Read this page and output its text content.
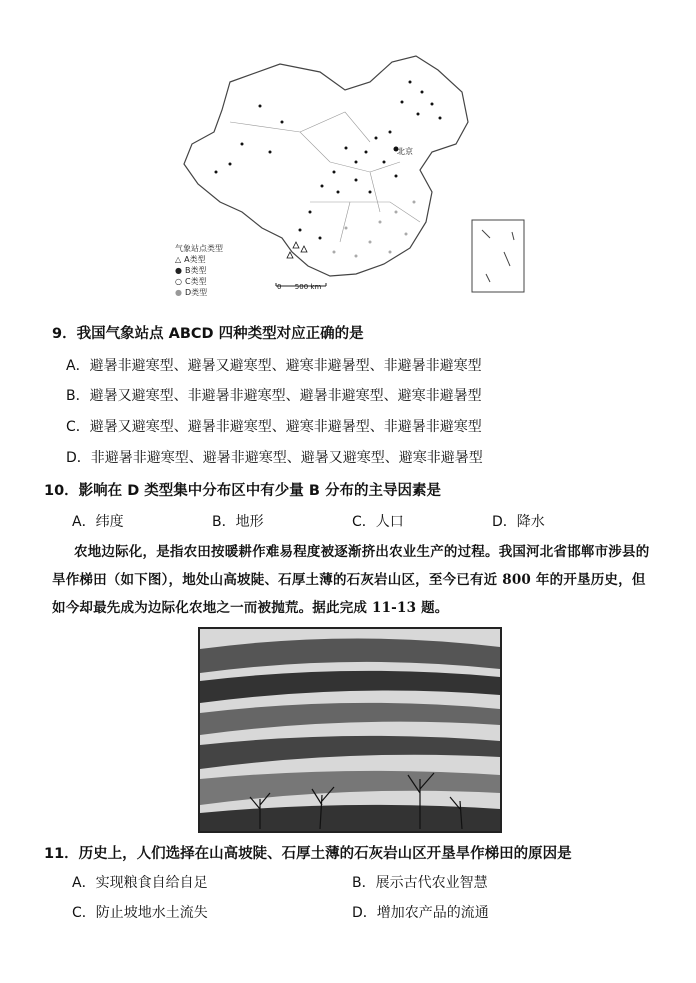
气象站点类型
△ A类型
● B类型
○ C类型
● D类型
0      500 km
北京
9．我国气象站点 ABCD 四种类型对应正确的是
A．避暑非避寒型、避暑又避寒型、避寒非避暑型、非避暑非避寒型
B．避暑又避寒型、非避暑非避寒型、避暑非避寒型、避寒非避暑型
C．避暑又避寒型、避暑非避寒型、避寒非避暑型、非避暑非避寒型
D．非避暑非避寒型、避暑非避寒型、避暑又避寒型、避寒非避暑型
10．影响在 D 类型集中分布区中有少量 B 分布的主导因素是
A．纬度	B．地形	C．人口	D．降水
农地边际化，是指农田按暖耕作难易程度被逐渐挤出农业生产的过程。我国河北省邯郸市涉县的旱作梯田（如下图），地处山高坡陡、石厚土薄的石灰岩山区，至今已有近 800 年的开垦历史，但如今却最先成为边际化农地之一而被抛荒。据此完成 11-13 题。
11．历史上，人们选择在山高坡陡、石厚土薄的石灰岩山区开垦旱作梯田的原因是
A．实现粮食自给自足	B．展示古代农业智慧
C．防止坡地水土流失	D．增加农产品的流通
